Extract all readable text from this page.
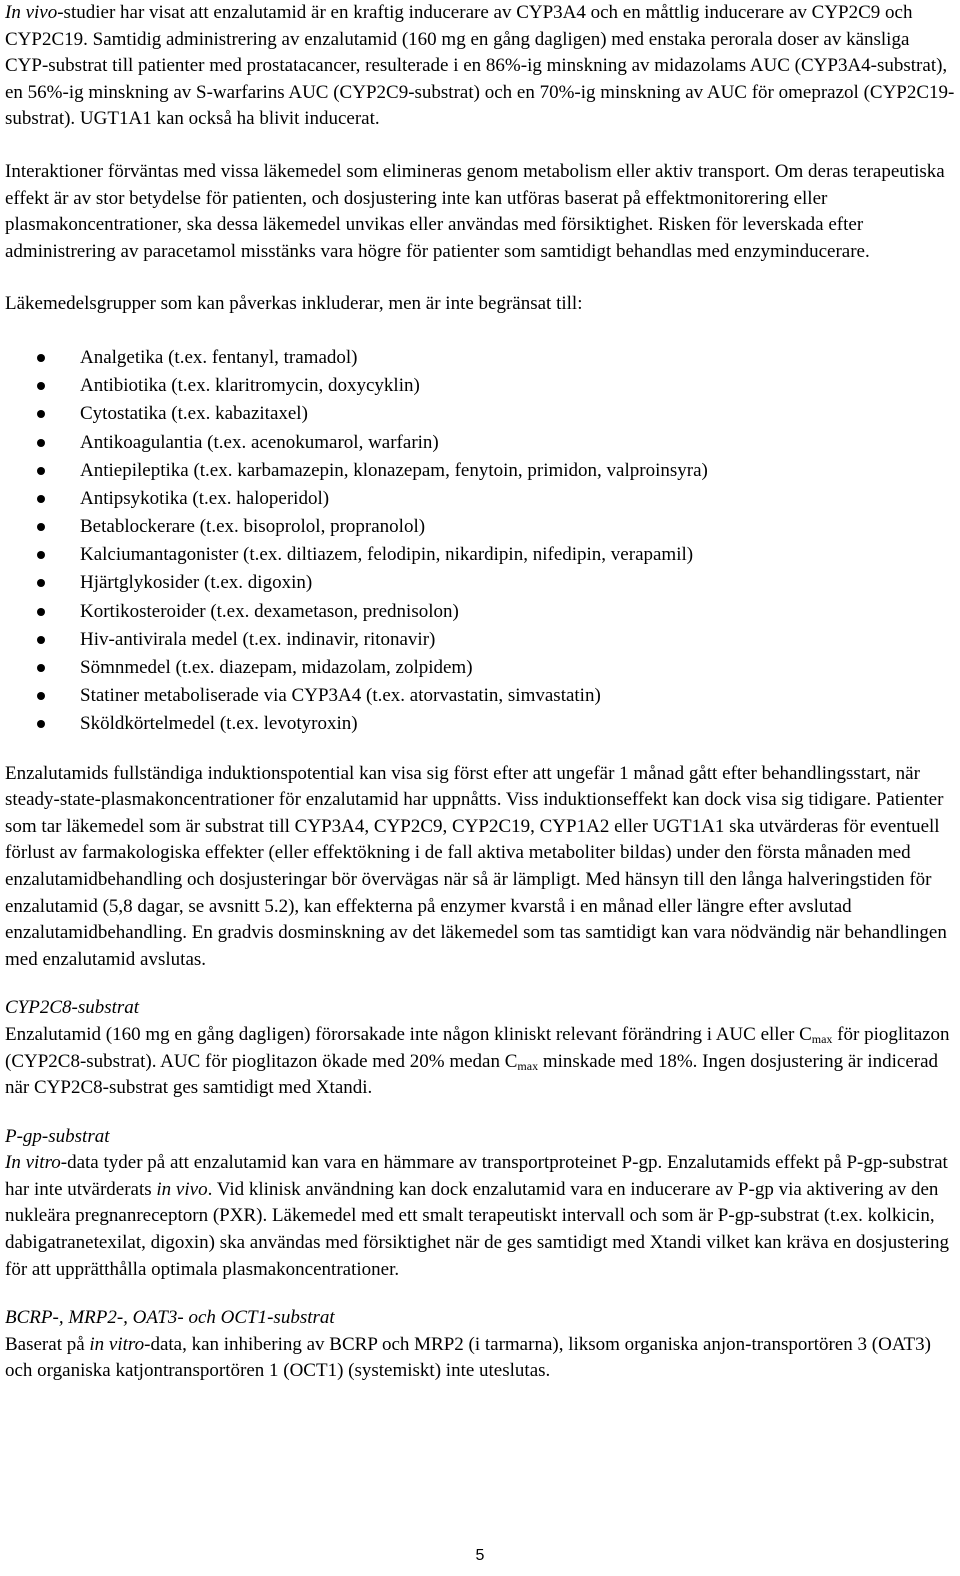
In vivo-studier har visat att enzalutamid är en kraftig inducerare av CYP3A4 och en måttlig inducerare av CYP2C9 och CYP2C19. Samtidig administrering av enzalutamid (160 mg en gång dagligen) med enstaka perorala doser av känsliga CYP-substrat till patienter med prostatacancer, resulterade i en 86%-ig minskning av midazolams AUC (CYP3A4-substrat), en 56%-ig minskning av S-warfarins AUC (CYP2C9-substrat) och en 70%-ig minskning av AUC för omeprazol (CYP2C19-substrat). UGT1A1 kan också ha blivit inducerat.

Interaktioner förväntas med vissa läkemedel som elimineras genom metabolism eller aktiv transport. Om deras terapeutiska effekt är av stor betydelse för patienten, och dosjustering inte kan utföras baserat på effektmonitorering eller plasmakoncentrationer, ska dessa läkemedel unvikas eller användas med försiktighet. Risken för leverskada efter administrering av paracetamol misstänks vara högre för patienter som samtidigt behandlas med enzyminducerare.

Läkemedelsgrupper som kan påverkas inkluderar, men är inte begränsat till:

Analgetika (t.ex. fentanyl, tramadol)
Antibiotika (t.ex. klaritromycin, doxycyklin)
Cytostatika (t.ex. kabazitaxel)
Antikoagulantia (t.ex. acenokumarol, warfarin)
Antiepileptika (t.ex. karbamazepin, klonazepam, fenytoin, primidon, valproinsyra)
Antipsykotika (t.ex. haloperidol)
Betablockerare (t.ex. bisoprolol, propranolol)
Kalciumantagonister (t.ex. diltiazem, felodipin, nikardipin, nifedipin, verapamil)
Hjärtglykosider (t.ex. digoxin)
Kortikosteroider (t.ex. dexametason, prednisolon)
Hiv-antivirala medel (t.ex. indinavir, ritonavir)
Sömnmedel (t.ex. diazepam, midazolam, zolpidem)
Statiner metaboliserade via CYP3A4 (t.ex. atorvastatin, simvastatin)
Sköldkörtelmedel (t.ex. levotyroxin)

Enzalutamids fullständiga induktionspotential kan visa sig först efter att ungefär 1 månad gått efter behandlingsstart, när steady-state-plasmakoncentrationer för enzalutamid har uppnåtts. Viss induktionseffekt kan dock visa sig tidigare. Patienter som tar läkemedel som är substrat till CYP3A4, CYP2C9, CYP2C19, CYP1A2 eller UGT1A1 ska utvärderas för eventuell förlust av farmakologiska effekter (eller effektökning i de fall aktiva metaboliter bildas) under den första månaden med enzalutamidbehandling och dosjusteringar bör övervägas när så är lämpligt. Med hänsyn till den långa halveringstiden för enzalutamid (5,8 dagar, se avsnitt 5.2), kan effekterna på enzymer kvarstå i en månad eller längre efter avslutad enzalutamidbehandling. En gradvis dosminskning av det läkemedel som tas samtidigt kan vara nödvändig när behandlingen med enzalutamid avslutas.

CYP2C8-substrat

Enzalutamid (160 mg en gång dagligen) förorsakade inte någon kliniskt relevant förändring i AUC eller $C_{max}$ för pioglitazon (CYP2C8-substrat). AUC för pioglitazon ökade med 20% medan $C_{max}$ minskade med 18%. Ingen dosjustering är indicerad när CYP2C8-substrat ges samtidigt med Xtandi.

P-gp-substrat

In vitro-data tyder på att enzalutamid kan vara en hämmare av transportproteinet P-gp. Enzalutamids effekt på P-gp-substrat har inte utvärderats in vivo. Vid klinisk användning kan dock enzalutamid vara en inducerare av P-gp via aktivering av den nukleära pregnanreceptorn (PXR). Läkemedel med ett smalt terapeutiskt intervall och som är P-gp-substrat (t.ex. kolkicin, dabigatranetexilat, digoxin) ska användas med försiktighet när de ges samtidigt med Xtandi vilket kan kräva en dosjustering för att upprätthålla optimala plasmakoncentrationer.

BCRP-, MRP2-, OAT3- och OCT1-substrat

Baserat på in vitro-data, kan inhibering av BCRP och MRP2 (i tarmarna), liksom organiska anjon-transportören 3 (OAT3) och organiska katjontransportören 1 (OCT1) (systemiskt) inte uteslutas.

5
